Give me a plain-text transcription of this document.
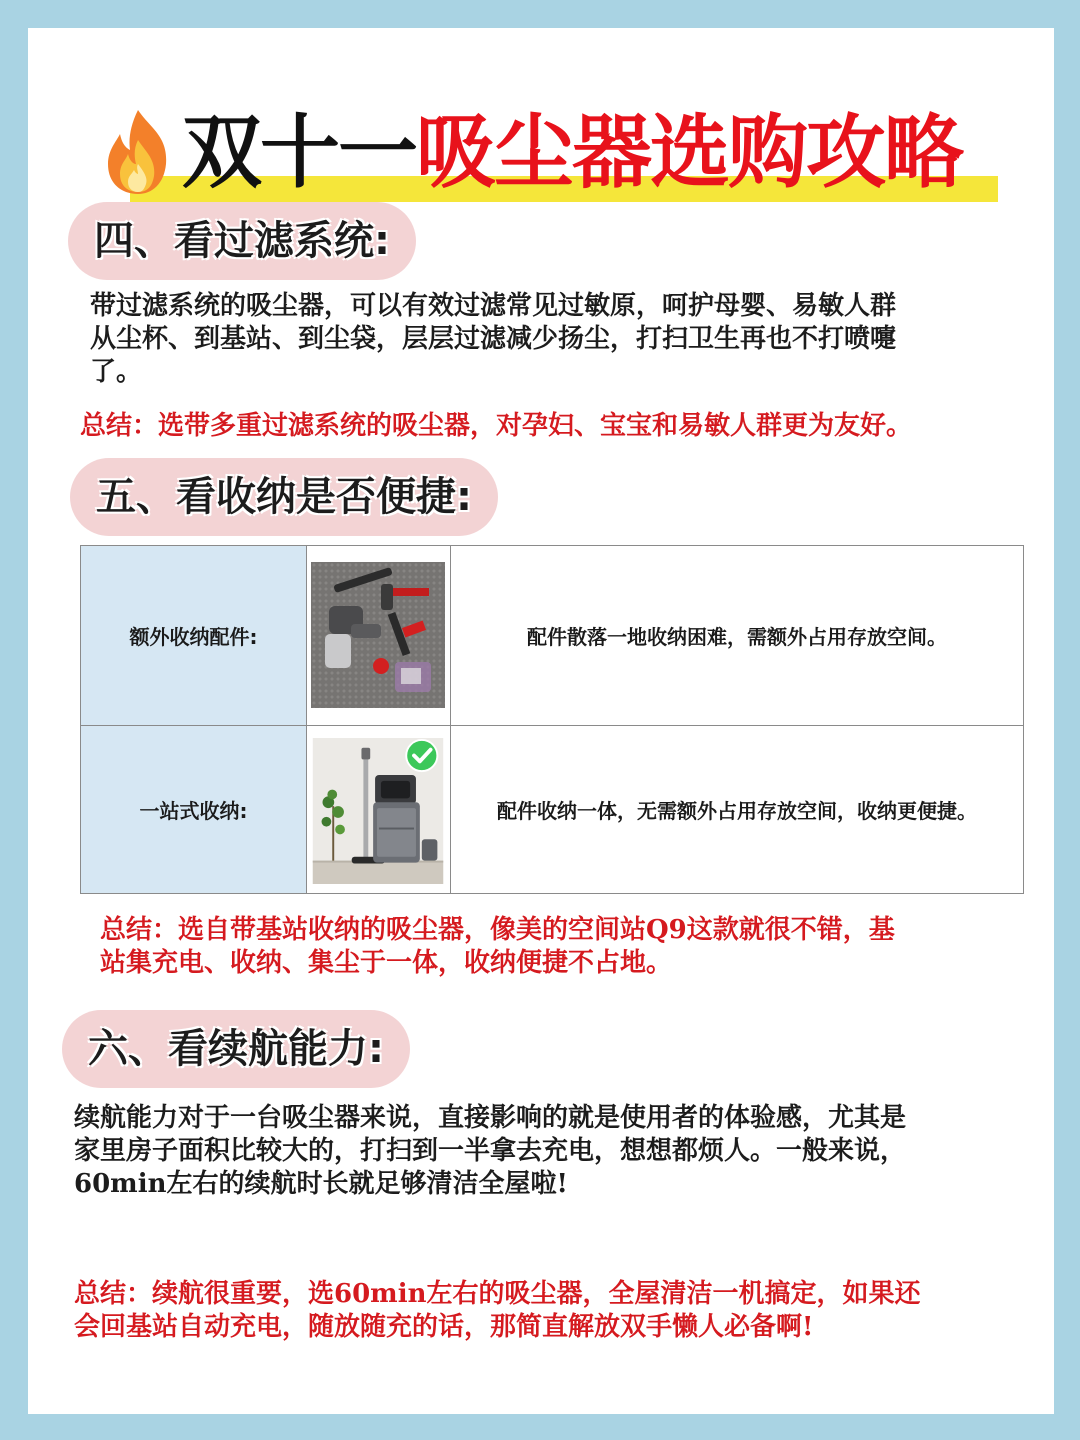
双十一吸尘器选购攻略
四、看过滤系统:
带过滤系统的吸尘器，可以有效过滤常见过敏原，呵护母婴、易敏人群
从尘杯、到基站、到尘袋，层层过滤减少扬尘，打扫卫生再也不打喷嚏
了。
总结：选带多重过滤系统的吸尘器，对孕妇、宝宝和易敏人群更为友好。
五、看收纳是否便捷:
额外收纳配件:	配件散落一地收纳困难，需额外占用存放空间。
一站式收纳:	配件收纳一体，无需额外占用存放空间，收纳更便捷。
总结：选自带基站收纳的吸尘器，像美的空间站Q9这款就很不错，基
站集充电、收纳、集尘于一体，收纳便捷不占地。
六、看续航能力:
续航能力对于一台吸尘器来说，直接影响的就是使用者的体验感，尤其是
家里房子面积比较大的，打扫到一半拿去充电，想想都烦人。一般来说，
60min左右的续航时长就足够清洁全屋啦!
总结：续航很重要，选60min左右的吸尘器，全屋清洁一机搞定，如果还
会回基站自动充电，随放随充的话，那简直解放双手懒人必备啊!
